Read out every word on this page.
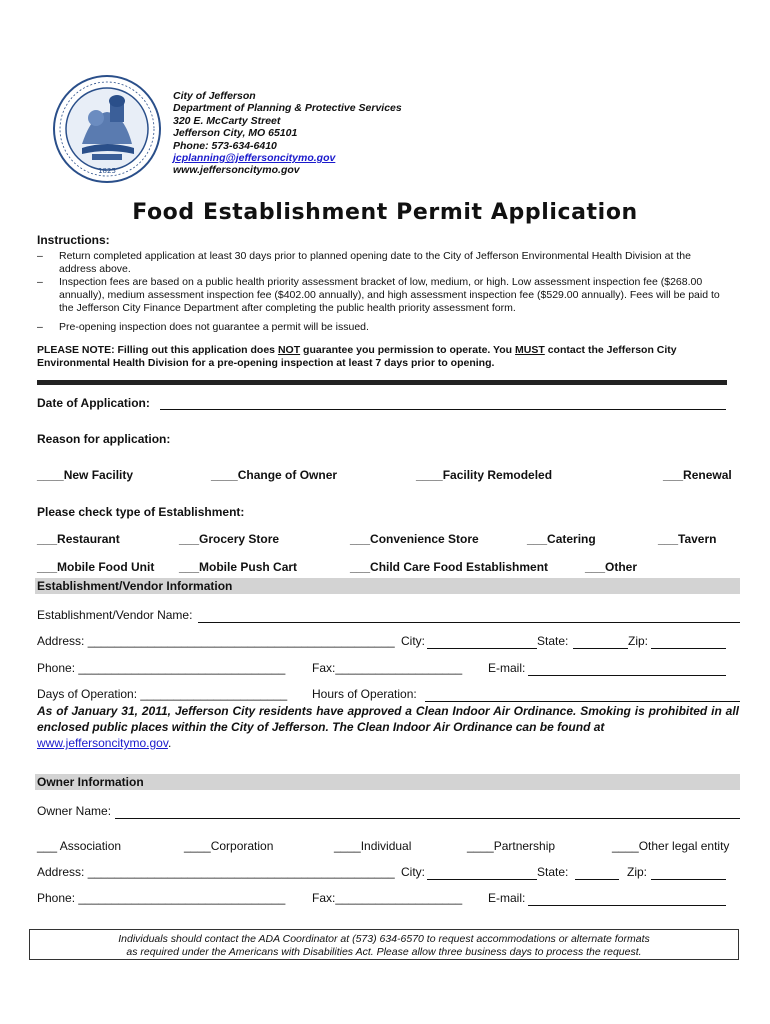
1825
City of Jefferson
Department of Planning & Protective Services
320 E. McCarty Street
Jefferson City, MO 65101
Phone: 573-634-6410
jcplanning@jeffersoncitymo.gov
www.jeffersoncitymo.gov
Food Establishment Permit Application
Instructions:
–	Return completed application at least 30 days prior to planned opening date to the City of Jefferson Environmental Health Division at the address above.
–	Inspection fees are based on a public health priority assessment bracket of low, medium, or high. Low assessment inspection fee ($268.00 annually), medium assessment inspection fee ($402.00 annually), and high assessment inspection fee ($529.00 annually). Fees will be paid to the Jefferson City Finance Department after completing the public health priority assessment form.
–	Pre-opening inspection does not guarantee a permit will be issued.
PLEASE NOTE: Filling out this application does NOT guarantee you permission to operate. You MUST contact the Jefferson City Environmental Health Division for a pre-opening inspection at least 7 days prior to opening.
Date of Application:
Reason for application:
____New Facility	____Change of Owner	____Facility Remodeled	___Renewal
Please check type of Establishment:
___Restaurant	___Grocery Store	___Convenience Store	___Catering	___Tavern
___Mobile Food Unit ___Mobile Push Cart	___Child Care Food Establishment	___Other
Establishment/Vendor Information
Establishment/Vendor Name:
Address: ______________________________________________ City:	State:	Zip:
Phone: _______________________________ Fax:___________________ E-mail:
Days of Operation: ______________________ Hours of Operation:
As of January 31, 2011, Jefferson City residents have approved a Clean Indoor Air Ordinance. Smoking is prohibited in all enclosed public places within the City of Jefferson. The Clean Indoor Air Ordinance can be found at
www.jeffersoncitymo.gov.
Owner Information
Owner Name:
___ Association	____Corporation	____Individual	____Partnership	____Other legal entity
Address: ______________________________________________ City:	State:	Zip:
Phone: _______________________________ Fax:___________________ E-mail:
Individuals should contact the ADA Coordinator at (573) 634-6570 to request accommodations or alternate formats
as required under the Americans with Disabilities Act. Please allow three business days to process the request.
